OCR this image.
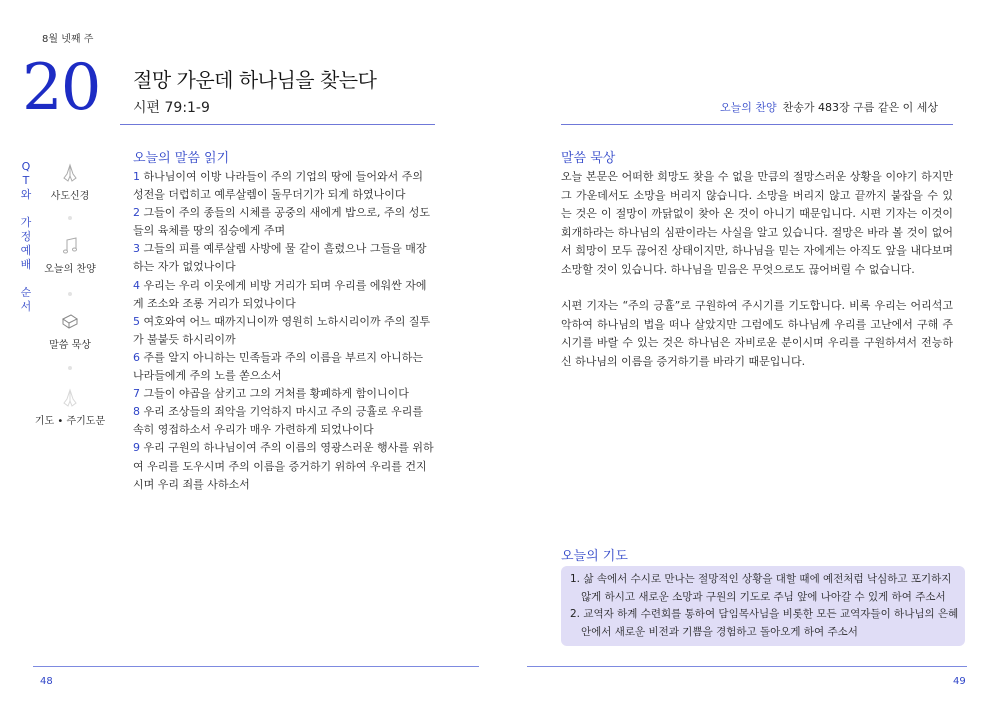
8월 넷째 주
20 절망 가운데 하나님을 찾는다
시편 79:1-9	오늘의 찬양 찬송가 483장 구름 같은 이 세상
Q
T
와
가
정
예
배
순
서
사도신경
오늘의 찬양
말씀 묵상
기도 • 주기도문
오늘의 말씀 읽기
1 하나님이여 이방 나라들이 주의 기업의 땅에 들어와서 주의 성전을 더럽히고 예루살렘이 돌무더기가 되게 하였나이다
2 그들이 주의 종들의 시체를 공중의 새에게 밥으로, 주의 성도들의 육체를 땅의 짐승에게 주며
3 그들의 피를 예루살렘 사방에 물 같이 흘렸으나 그들을 매장하는 자가 없었나이다
4 우리는 우리 이웃에게 비방 거리가 되며 우리를 에워싼 자에게 조소와 조롱 거리가 되었나이다
5 여호와여 어느 때까지니이까 영원히 노하시리이까 주의 질투가 불붙듯 하시리이까
6 주를 알지 아니하는 민족들과 주의 이름을 부르지 아니하는 나라들에게 주의 노를 쏟으소서
7 그들이 야곱을 삼키고 그의 거처를 황폐하게 함이니이다
8 우리 조상들의 죄악을 기억하지 마시고 주의 긍휼로 우리를 속히 영접하소서 우리가 매우 가련하게 되었나이다
9 우리 구원의 하나님이여 주의 이름의 영광스러운 행사를 위하여 우리를 도우시며 주의 이름을 증거하기 위하여 우리를 건지시며 우리 죄를 사하소서
말씀 묵상

오늘 본문은 어떠한 희망도 찾을 수 없을 만큼의 절망스러운 상황을 이야기 하지만 그 가운데서도 소망을 버리지 않습니다. 소망을 버리지 않고 끝까지 붙잡을 수 있는 것은 이 절망이 까닭없이 찾아 온 것이 아니기 때문입니다. 시편 기자는 이것이 회개하라는 하나님의 심판이라는 사실을 알고 있습니다. 절망은 바라 볼 것이 없어서 희망이 모두 끊어진 상태이지만, 하나님을 믿는 자에게는 아직도 앞을 내다보며 소망할 것이 있습니다. 하나님을 믿음은 무엇으로도 끊어버릴 수 없습니다.

시편 기자는 “주의 긍휼”로 구원하여 주시기를 기도합니다. 비록 우리는 어리석고 악하여 하나님의 법을 떠나 살았지만 그럼에도 하나님께 우리를 고난에서 구해 주시기를 바랄 수 있는 것은 하나님은 자비로운 분이시며 우리를 구원하셔서 전능하신 하나님의 이름을 증거하기를 바라기 때문입니다.

오늘의 기도
1. 삶 속에서 수시로 만나는 절망적인 상황을 대할 때에 예전처럼 낙심하고 포기하지 않게 하시고 새로운 소망과 구원의 기도로 주님 앞에 나아갈 수 있게 하여 주소서
2. 교역자 하계 수련회를 통하여 담임목사님을 비롯한 모든 교역자들이 하나님의 은혜 안에서 새로운 비전과 기쁨을 경험하고 돌아오게 하여 주소서
48	49
